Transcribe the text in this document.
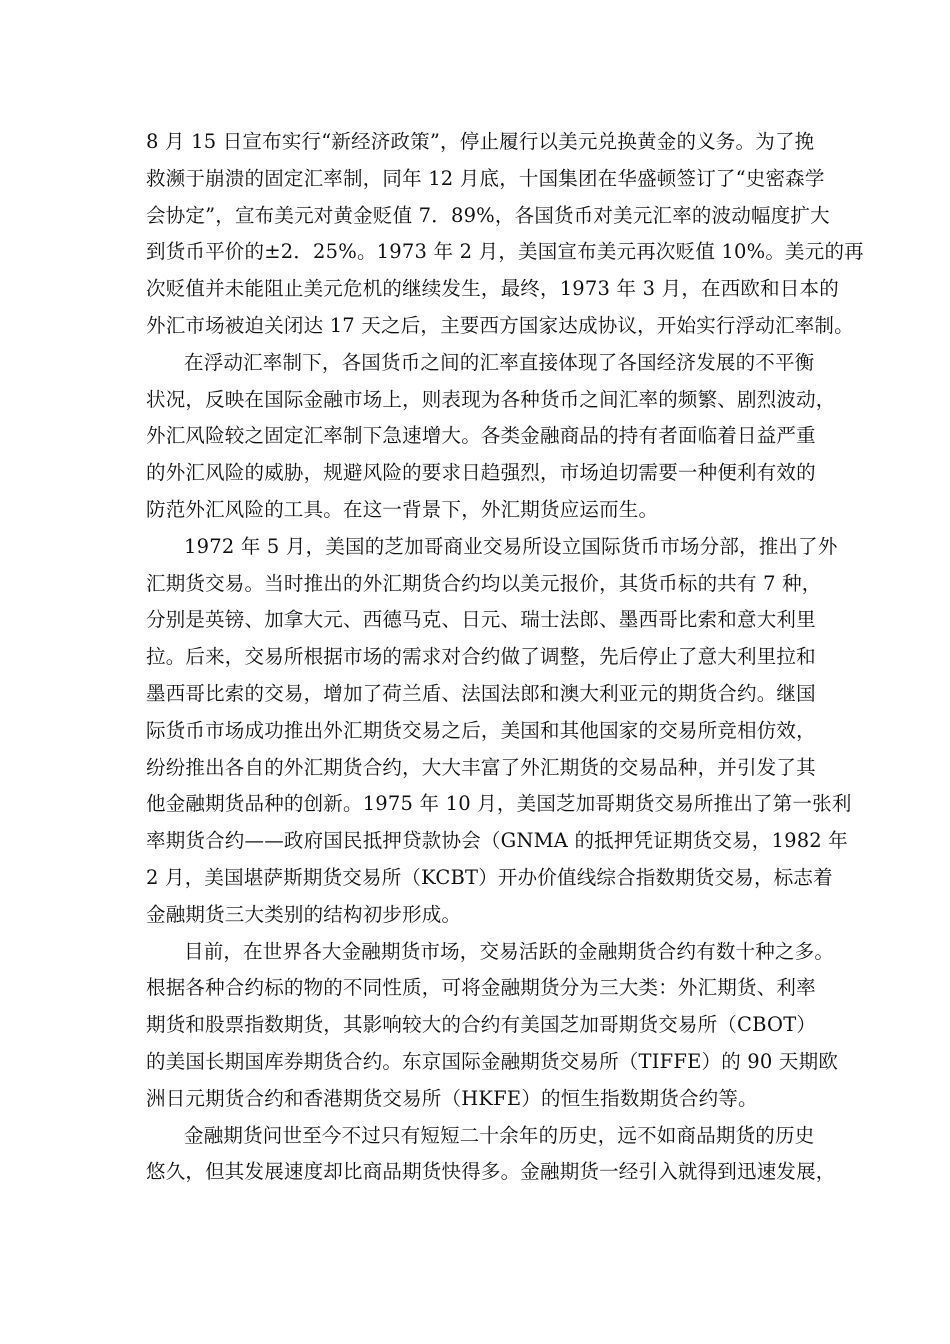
8 月 15 日宣布实行“新经济政策”，停止履行以美元兑换黄金的义务。为了挽
救濒于崩溃的固定汇率制，同年 12 月底，十国集团在华盛顿签订了“史密森学
会协定”，宣布美元对黄金贬值 7．89%，各国货币对美元汇率的波动幅度扩大
到货币平价的±2．25%。1973 年 2 月，美国宣布美元再次贬值 10%。美元的再
次贬值并未能阻止美元危机的继续发生，最终，1973 年 3 月，在西欧和日本的
外汇市场被迫关闭达 17 天之后，主要西方国家达成协议，开始实行浮动汇率制。
在浮动汇率制下，各国货币之间的汇率直接体现了各国经济发展的不平衡
状况，反映在国际金融市场上，则表现为各种货币之间汇率的频繁、剧烈波动，
外汇风险较之固定汇率制下急速增大。各类金融商品的持有者面临着日益严重
的外汇风险的威胁，规避风险的要求日趋强烈，市场迫切需要一种便利有效的
防范外汇风险的工具。在这一背景下，外汇期货应运而生。
1972 年 5 月，美国的芝加哥商业交易所设立国际货币市场分部，推出了外
汇期货交易。当时推出的外汇期货合约均以美元报价，其货币标的共有 7 种，
分别是英镑、加拿大元、西德马克、日元、瑞士法郎、墨西哥比索和意大利里
拉。后来，交易所根据市场的需求对合约做了调整，先后停止了意大利里拉和
墨西哥比索的交易，增加了荷兰盾、法国法郎和澳大利亚元的期货合约。继国
际货币市场成功推出外汇期货交易之后，美国和其他国家的交易所竞相仿效，
纷纷推出各自的外汇期货合约，大大丰富了外汇期货的交易品种，并引发了其
他金融期货品种的创新。1975 年 10 月，美国芝加哥期货交易所推出了第一张利
率期货合约——政府国民抵押贷款协会（GNMA 的抵押凭证期货交易，1982 年
2 月，美国堪萨斯期货交易所（KCBT）开办价值线综合指数期货交易，标志着
金融期货三大类别的结构初步形成。
目前，在世界各大金融期货市场，交易活跃的金融期货合约有数十种之多。
根据各种合约标的物的不同性质，可将金融期货分为三大类：外汇期货、利率
期货和股票指数期货，其影响较大的合约有美国芝加哥期货交易所（CBOT）
的美国长期国库券期货合约。东京国际金融期货交易所（TIFFE）的 90 天期欧
洲日元期货合约和香港期货交易所（HKFE）的恒生指数期货合约等。
金融期货问世至今不过只有短短二十余年的历史，远不如商品期货的历史
悠久，但其发展速度却比商品期货快得多。金融期货一经引入就得到迅速发展，
